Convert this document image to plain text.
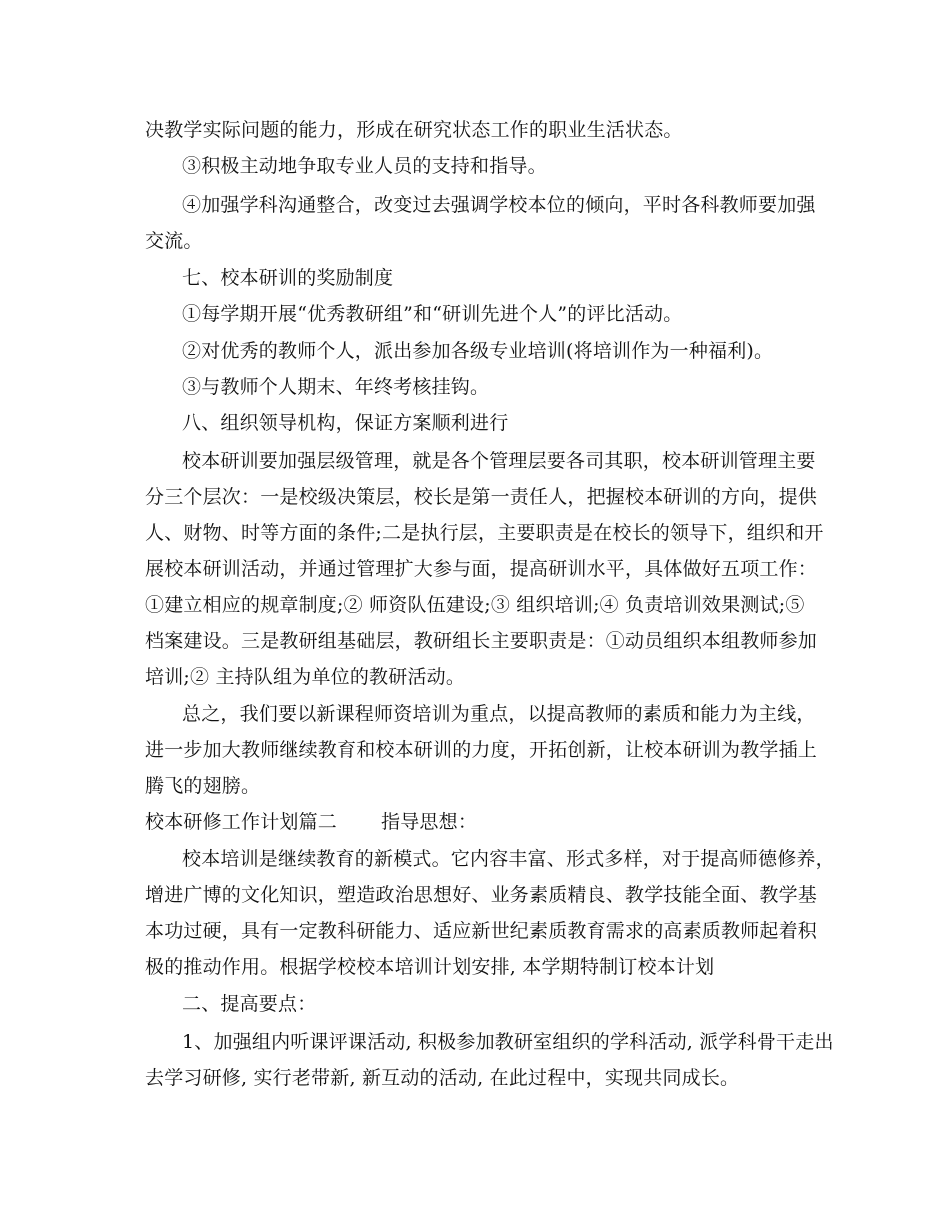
决教学实际问题的能力，形成在研究状态工作的职业生活状态。
③积极主动地争取专业人员的支持和指导。
④加强学科沟通整合，改变过去强调学校本位的倾向，平时各科教师要加强
交流。
七、校本研训的奖励制度
①每学期开展“优秀教研组”和“研训先进个人”的评比活动。
②对优秀的教师个人，派出参加各级专业培训(将培训作为一种福利)。
③与教师个人期末、年终考核挂钩。
八、组织领导机构，保证方案顺利进行
校本研训要加强层级管理，就是各个管理层要各司其职，校本研训管理主要
分三个层次：一是校级决策层，校长是第一责任人，把握校本研训的方向，提供
人、财物、时等方面的条件;二是执行层，主要职责是在校长的领导下，组织和开
展校本研训活动，并通过管理扩大参与面，提高研训水平，具体做好五项工作：
①建立相应的规章制度;② 师资队伍建设;③ 组织培训;④ 负责培训效果测试;⑤
档案建设。三是教研组基础层，教研组长主要职责是：①动员组织本组教师参加
培训;② 主持队组为单位的教研活动。
总之，我们要以新课程师资培训为重点，以提高教师的素质和能力为主线，
进一步加大教师继续教育和校本研训的力度，开拓创新，让校本研训为教学插上
腾飞的翅膀。
校本研修工作计划篇二 指导思想：
校本培训是继续教育的新模式。它内容丰富、形式多样，对于提高师德修养，
增进广博的文化知识，塑造政治思想好、业务素质精良、教学技能全面、教学基
本功过硬，具有一定教科研能力、适应新世纪素质教育需求的高素质教师起着积
极的推动作用。根据学校校本培训计划安排, 本学期特制订校本计划
二、提高要点：
1、加强组内听课评课活动, 积极参加教研室组织的学科活动, 派学科骨干走出
去学习研修, 实行老带新, 新互动的活动, 在此过程中，实现共同成长。
